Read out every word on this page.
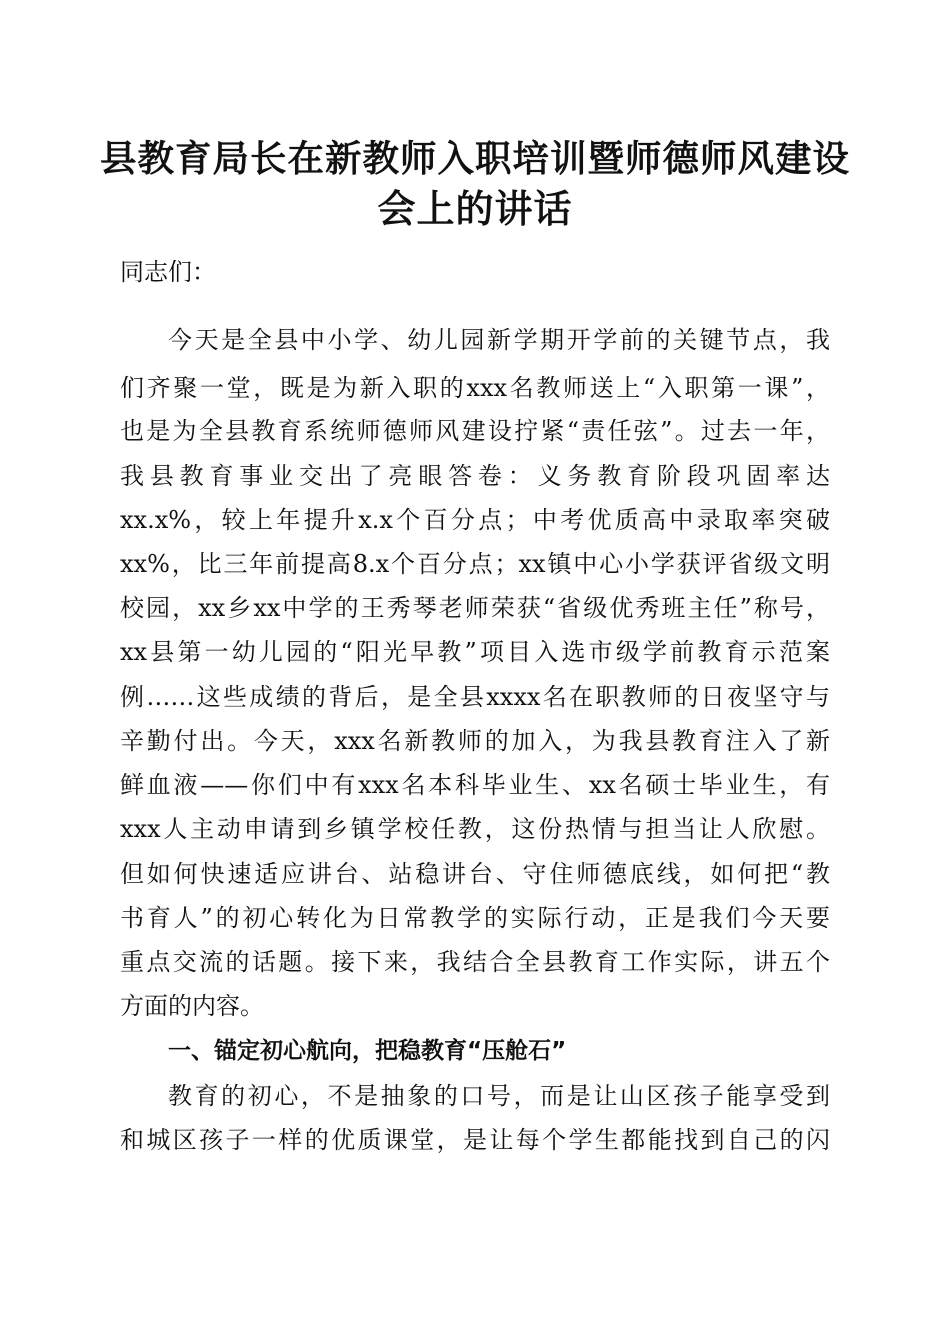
县教育局长在新教师入职培训暨师德师风建设
会上的讲话
同志们：
今天是全县中小学、幼儿园新学期开学前的关键节点，我
们齐聚一堂，既是为新入职的xxx名教师送上“入职第一课”，
也是为全县教育系统师德师风建设拧紧“责任弦”。过去一年，
我县教育事业交出了亮眼答卷：义务教育阶段巩固率达
xx.x%，较上年提升x.x个百分点；中考优质高中录取率突破
xx%，比三年前提高8.x个百分点；xx镇中心小学获评省级文明
校园，xx乡xx中学的王秀琴老师荣获“省级优秀班主任”称号，
xx县第一幼儿园的“阳光早教”项目入选市级学前教育示范案
例……这些成绩的背后，是全县xxxx名在职教师的日夜坚守与
辛勤付出。今天，xxx名新教师的加入，为我县教育注入了新
鲜血液——你们中有xxx名本科毕业生、xx名硕士毕业生，有
xxx人主动申请到乡镇学校任教，这份热情与担当让人欣慰。
但如何快速适应讲台、站稳讲台、守住师德底线，如何把“教
书育人”的初心转化为日常教学的实际行动，正是我们今天要
重点交流的话题。接下来，我结合全县教育工作实际，讲五个
方面的内容。
一、锚定初心航向，把稳教育“压舱石”
教育的初心，不是抽象的口号，而是让山区孩子能享受到
和城区孩子一样的优质课堂，是让每个学生都能找到自己的闪
